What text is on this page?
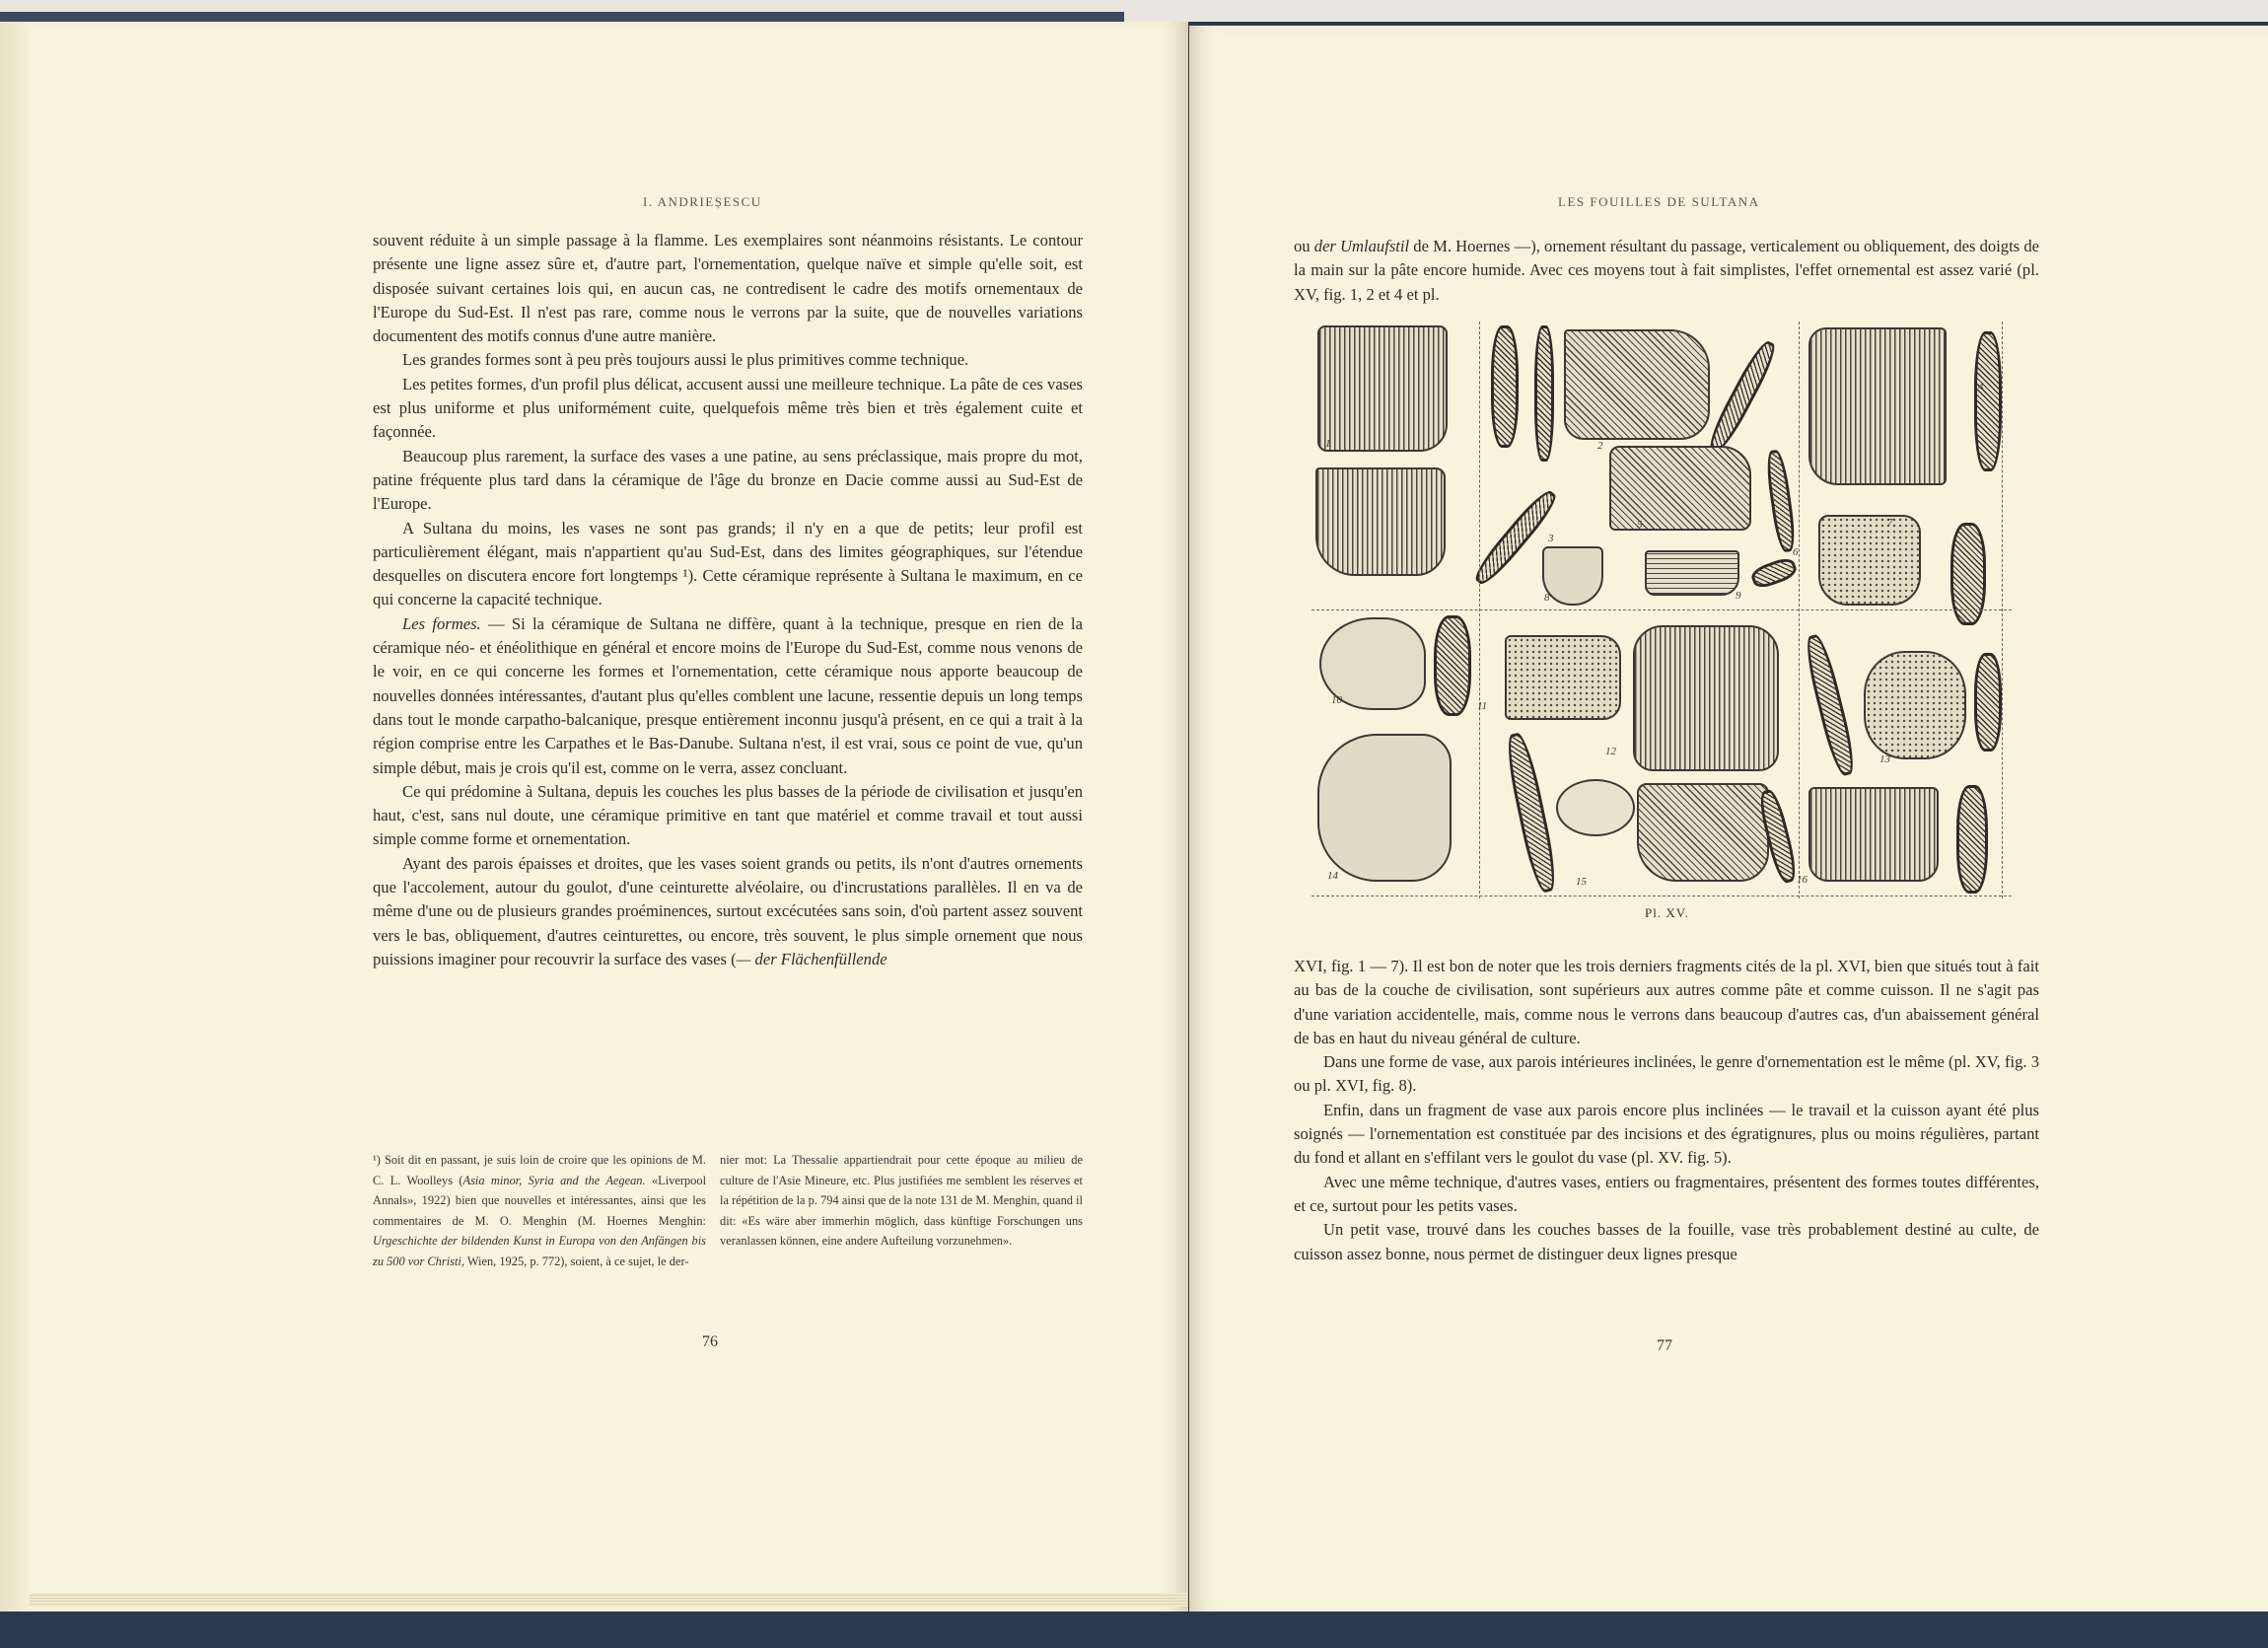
I. ANDRIEȘESCU

souvent réduite à un simple passage à la flamme. Les exemplaires sont néanmoins résistants. Le contour présente une ligne assez sûre et, d'autre part, l'ornementation, quelque naïve et simple qu'elle soit, est disposée suivant certaines lois qui, en aucun cas, ne contredisent le cadre des motifs ornementaux de l'Europe du Sud-Est. Il n'est pas rare, comme nous le verrons par la suite, que de nouvelles variations documentent des motifs connus d'une autre manière.

Les grandes formes sont à peu près toujours aussi le plus primitives comme technique.

Les petites formes, d'un profil plus délicat, accusent aussi une meilleure technique. La pâte de ces vases est plus uniforme et plus uniformément cuite, quelquefois même très bien et très également cuite et façonnée.

Beaucoup plus rarement, la surface des vases a une patine, au sens préclassique, mais propre du mot, patine fréquente plus tard dans la céramique de l'âge du bronze en Dacie comme aussi au Sud-Est de l'Europe.

A Sultana du moins, les vases ne sont pas grands; il n'y en a que de petits; leur profil est particulièrement élégant, mais n'appartient qu'au Sud-Est, dans des limites géographiques, sur l'étendue desquelles on discutera encore fort longtemps ¹). Cette céramique représente à Sultana le maximum, en ce qui concerne la capacité technique.

Les formes. — Si la céramique de Sultana ne diffère, quant à la technique, presque en rien de la céramique néo- et énéolithique en général et encore moins de l'Europe du Sud-Est, comme nous venons de le voir, en ce qui concerne les formes et l'ornementation, cette céramique nous apporte beaucoup de nouvelles données intéressantes, d'autant plus qu'elles comblent une lacune, ressentie depuis un long temps dans tout le monde carpatho-balcanique, presque entièrement inconnu jusqu'à présent, en ce qui a trait à la région comprise entre les Carpathes et le Bas-Danube. Sultana n'est, il est vrai, sous ce point de vue, qu'un simple début, mais je crois qu'il est, comme on le verra, assez concluant.

Ce qui prédomine à Sultana, depuis les couches les plus basses de la période de civilisation et jusqu'en haut, c'est, sans nul doute, une céramique primitive en tant que matériel et comme travail et tout aussi simple comme forme et ornementation.

Ayant des parois épaisses et droites, que les vases soient grands ou petits, ils n'ont d'autres ornements que l'accolement, autour du goulot, d'une ceinturette alvéolaire, ou d'incrustations parallèles. Il en va de même d'une ou de plusieurs grandes proéminences, surtout excécutées sans soin, d'où partent assez souvent vers le bas, obliquement, d'autres ceinturettes, ou encore, très souvent, le plus simple ornement que nous puissions imaginer pour recouvrir la surface des vases (— der Flächenfüllende

¹) Soit dit en passant, je suis loin de croire que les opinions de M. C. L. Woolleys (Asia minor, Syria and the Aegean. «Liverpool Annals», 1922) bien que nouvelles et intéressantes, ainsi que les commentaires de M. O. Menghin (M. Hoernes Menghin: Urgeschichte der bildenden Kunst in Europa von den Anfängen bis zu 500 vor Christi, Wien, 1925, p. 772), soient, à ce sujet, le der-
nier mot: La Thessalie appartiendrait pour cette époque au milieu de culture de l'Asie Mineure, etc. Plus justifiées me semblent les réserves et la répétition de la p. 794 ainsi que de la note 131 de M. Menghin, quand il dit: «Es wäre aber immerhin möglich, dass künftige Forschungen uns veranlassen können, eine andere Aufteilung vorzunehmen».
76
LES FOUILLES DE SULTANA

ou der Umlaufstil de M. Hoernes —), ornement résultant du passage, verticalement ou obliquement, des doigts de la main sur la pâte encore humide. Avec ces moyens tout à fait simplistes, l'effet ornemental est assez varié (pl. XV, fig. 1, 2 et 4 et pl.

1	2
3
4
5
6
7
8	9
10	11
12
13
14	15	16
Pl. XV.

XVI, fig. 1 — 7). Il est bon de noter que les trois derniers fragments cités de la pl. XVI, bien que situés tout à fait au bas de la couche de civilisation, sont supérieurs aux autres comme pâte et comme cuisson. Il ne s'agit pas d'une variation accidentelle, mais, comme nous le verrons dans beaucoup d'autres cas, d'un abaissement général de bas en haut du niveau général de culture.

Dans une forme de vase, aux parois intérieures inclinées, le genre d'ornementation est le même (pl. XV, fig. 3 ou pl. XVI, fig. 8).

Enfin, dans un fragment de vase aux parois encore plus inclinées — le travail et la cuisson ayant été plus soignés — l'ornementation est constituée par des incisions et des égratignures, plus ou moins régulières, partant du fond et allant en s'effilant vers le goulot du vase (pl. XV. fig. 5).

Avec une même technique, d'autres vases, entiers ou fragmentaires, présentent des formes toutes différentes, et ce, surtout pour les petits vases.

Un petit vase, trouvé dans les couches basses de la fouille, vase très probablement destiné au culte, de cuisson assez bonne, nous permet de distinguer deux lignes presque

77
